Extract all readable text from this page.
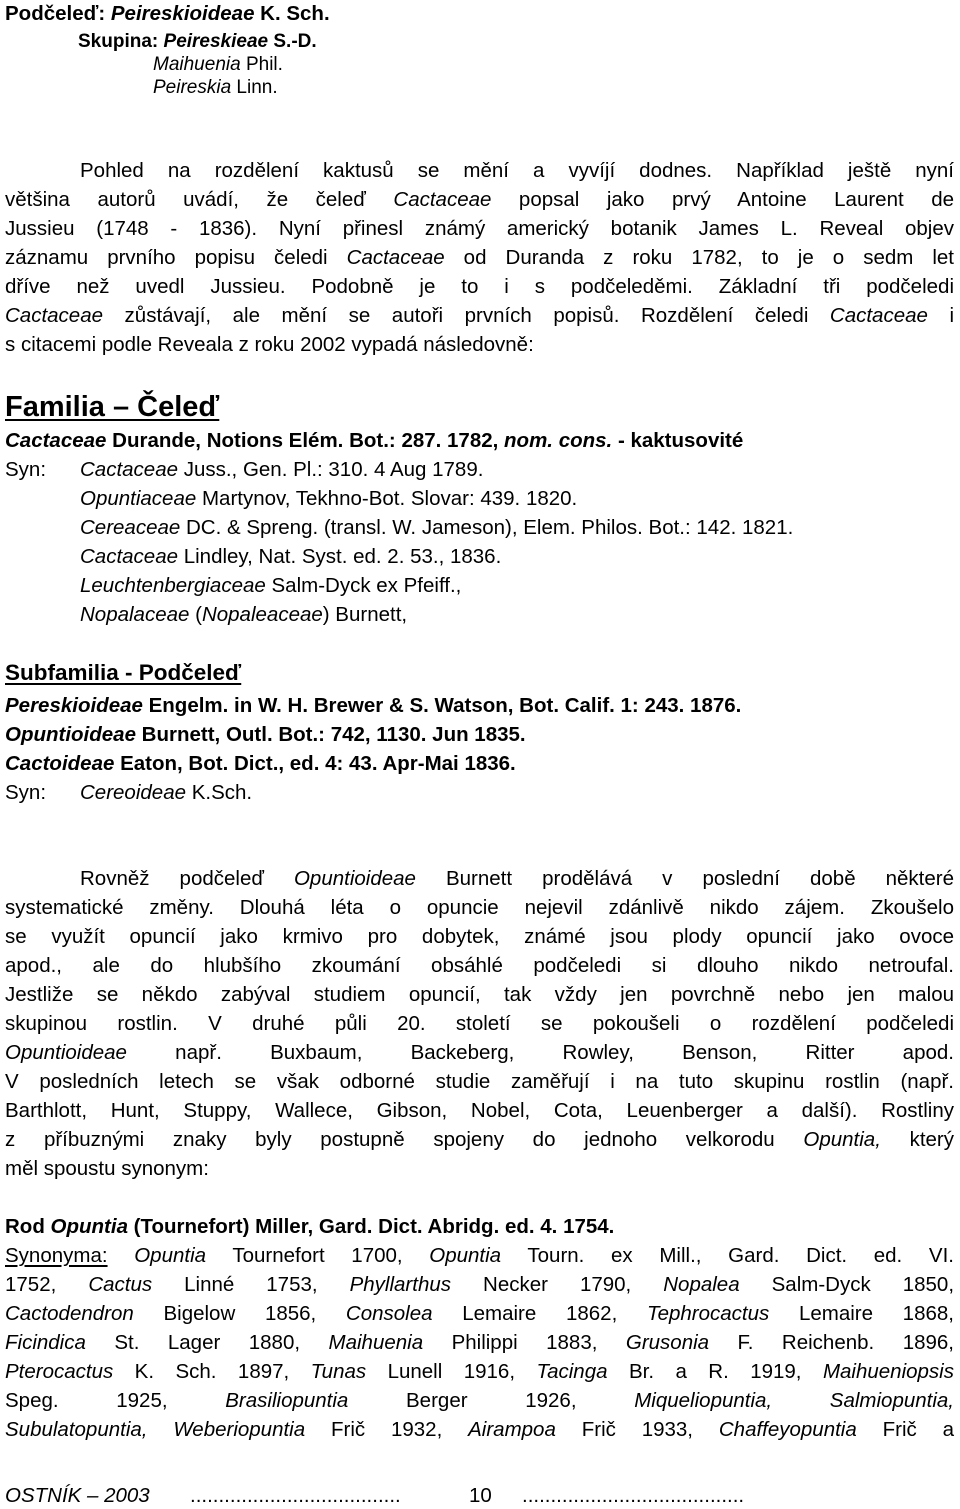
Podčeleď: Peireskioideae K. Sch.
Skupina: Peireskieae S.-D.
Maihuenia Phil.
Peireskia Linn.
Pohled na rozdělení kaktusů se mění a vyvíjí dodnes. Například ještě nyní
většina autorů uvádí, že čeleď Cactaceae popsal jako prvý Antoine Laurent de
Jussieu (1748 - 1836). Nyní přinesl známý americký botanik James L. Reveal objev
záznamu prvního popisu čeledi Cactaceae od Duranda z roku 1782, to je o sedm let
dříve než uvedl Jussieu. Podobně je to i s podčeleděmi. Základní tři podčeledi
Cactaceae zůstávají, ale mění se autoři prvních popisů. Rozdělení čeledi Cactaceae i
s citacemi podle Reveala z roku 2002 vypadá následovně:
Familia – Čeleď
Cactaceae Durande, Notions Elém. Bot.: 287. 1782, nom. cons. - kaktusovité
Syn: Cactaceae Juss., Gen. Pl.: 310. 4 Aug 1789.
Opuntiaceae Martynov, Tekhno-Bot. Slovar: 439. 1820.
Cereaceae DC. & Spreng. (transl. W. Jameson), Elem. Philos. Bot.: 142. 1821.
Cactaceae Lindley, Nat. Syst. ed. 2. 53., 1836.
Leuchtenbergiaceae Salm-Dyck ex Pfeiff.,
Nopalaceae (Nopaleaceae) Burnett,
Subfamilia - Podčeleď
Pereskioideae Engelm. in W. H. Brewer & S. Watson, Bot. Calif. 1: 243. 1876.
Opuntioideae Burnett, Outl. Bot.: 742, 1130. Jun 1835.
Cactoideae Eaton, Bot. Dict., ed. 4: 43. Apr-Mai 1836.
Syn: Cereoideae K.Sch.
Rovněž podčeleď Opuntioideae Burnett prodělává v poslední době některé
systematické změny. Dlouhá léta o opuncie nejevil zdánlivě nikdo zájem. Zkoušelo
se využít opuncií jako krmivo pro dobytek, známé jsou plody opuncií jako ovoce
apod., ale do hlubšího zkoumání obsáhlé podčeledi si dlouho nikdo netroufal.
Jestliže se někdo zabýval studiem opuncií, tak vždy jen povrchně nebo jen malou
skupinou rostlin. V druhé půli 20. století se pokoušeli o rozdělení podčeledi
Opuntioideae např. Buxbaum, Backeberg, Rowley, Benson, Ritter apod.
V posledních letech se však odborné studie zaměřují i na tuto skupinu rostlin (např.
Barthlott, Hunt, Stuppy, Wallece, Gibson, Nobel, Cota, Leuenberger a další). Rostliny
z příbuznými znaky byly postupně spojeny do jednoho velkorodu Opuntia, který
měl spoustu synonym:
Rod Opuntia (Tournefort) Miller, Gard. Dict. Abridg. ed. 4. 1754.
Synonyma: Opuntia Tournefort 1700, Opuntia Tourn. ex Mill., Gard. Dict. ed. VI.
1752, Cactus Linné 1753, Phyllarthus Necker 1790, Nopalea Salm-Dyck 1850,
Cactodendron Bigelow 1856, Consolea Lemaire 1862, Tephrocactus Lemaire 1868,
Ficindica St. Lager 1880, Maihuenia Philippi 1883, Grusonia F. Reichenb. 1896,
Pterocactus K. Sch. 1897, Tunas Lunell 1916, Tacinga Br. a R. 1919, Maihueniopsis
Speg. 1925, Brasiliopuntia Berger 1926, Miqueliopuntia, Salmiopuntia,
Subulatopuntia, Weberiopuntia Frič 1932, Airampoa Frič 1933, Chaffeyopuntia Frič a
OSTNÍK – 2003 .....................................	10 .......................................
